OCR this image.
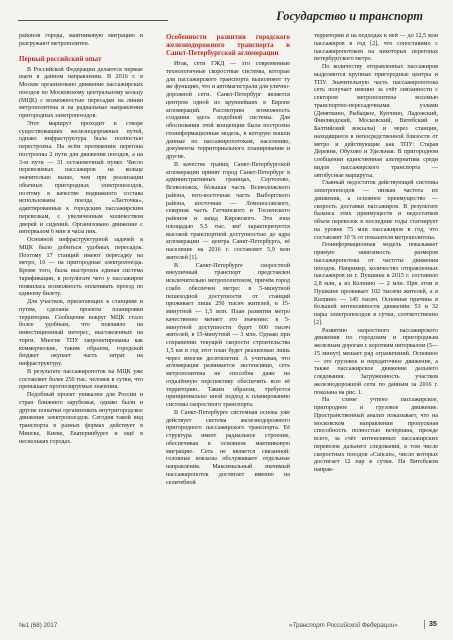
Государство и транспорт

районов города, маятниковую миграцию и разгружают метрополитен.

Первый российский опыт

В Российской Федерации делаются первые шаги в данном направлении. В 2016 г. в Москве организовано движение пассажирских поездов по Московскому центральному кольцу (МЦК) с возможностью пересадки на линии метрополитена и на радиальные направления пригородных электропоездов.

Этот маршрут проходит в створе существовавших железнодорожных путей, однако инфраструктура была полностью перестроена. На всём протяжении перегона построены 2 пути для движения поездов, а на 3-м пути — 31 остановочный пункт. Число перевозимых пассажиров на кольце значительно выше, чем при реализации обычных пригородных электропоездов, поэтому в качестве подвижного состава использованы поезда «Ласточка», адаптированные к городским пассажирским перевозкам, с увеличенным количеством дверей и сидений. Организовано движение с интервалом 6 мин в часы пик.

Основной инфраструктурной задачей в МЦК было добиться удобных пересадок. Поэтому 17 станций имеют пересадку на метро, 10 — на пригородные электропоезда. Кроме того, была выстроена единая система тарификации, в результате чего у пассажиров появилась возможность оплачивать проезд по единому билету.

Для участков, прилегающих к станциям и путям, сделаны проекты планировки территории. Сообщение вокруг МЦК стало более удобным, что повлияло на инвестиционный интерес, выставленных на торги. Многие ТПУ запроектированы как коммерческие, таким образом, городской бюджет окупает часть затрат на инфраструктуру.

В результате пассажиропоток на МЦК уже составляет более 250 тыс. человек в сутки, что превышает прогнозируемые значения.

Подобный проект уникален для России и стран ближнего зарубежья, однако были и другие попытки организовать внутригородское движение электропоездов. Сегодня такой вид транспорта в разных формах действует в Минске, Киеве, Екатеринбурге и ещё в нескольких городах.

Особенности развития городского железнодорожного транспорта в Санкт-Петербургской агломерации

Итак, сети ГЖД — это современные технологичные скоростные системы, которые для пассажирского транспорта выполняют ту же функцию, что и автомагистрали для улично-дорожной сети. Санкт-Петербург является центром одной из крупнейших в Европе агломераций. Рассмотрим возможность создания здесь подобной системы. Для обоснования этой концепции была построена геоинформационная модель, в которую вошли данные по пассажиропотокам, населению, документы территориального планирования и другие.

В качестве границ Санкт-Петербургской агломерации принят город Санкт-Петербург в административных границах, Сертолово, Всеволожск, бóльшая часть Всеволожского района, юго-восточная часть Выборгского района, восточная — Ломоносовского, северная часть Гатчинского и Тосненского районов и запад Кировского. Эта зона площадью 5,5 тыс. км² характеризуется высокой транспортной доступностью до ядра агломерации — центра Санкт-Петербурга, её население на 2016 г. составляет 5,9 млн жителей [1].

В Санкт-Петербурге скоростной внеуличный транспорт представлен исключительно метрополитеном, причём город слабо обеспечен метро: в 5-минутной пешеходной доступности от станций проживает лишь 250 тысяч жителей, в 15-минутной — 1,5 млн. План развития метро качественно меняет это значение: в 5-минутной доступности будет 600 тысяч жителей, в 15-минутной — 3 млн. Однако при сохранении текущей скорости строительства 1,5 км в год этот план будет реализован лишь через многие десятилетия. А учитывая, что агломерация развивается экстенсивно, сеть метрополитена не способна даже на отдалённую перспективу обеспечить всю её территорию. Таким образом, требуется принципиально иной подход к планированию системы скоростного транспорта.

В Санкт-Петербурге системная основа уже действует система железнодорожного пригородного пассажирского транспорта. Её структура имеет радиальное строение, обеспечивая в основном маятниковую миграцию. Сеть не является связанной: головные вокзалы обслуживают отдельные направления. Максимальный значимый пассажиропоток достигает именно на селитебной

территории и на подходах к ней — до 12,5 млн пассажиров в год [2], что сопоставимо с пассажиропотоком на некоторых перегонах петербургского метро.

По количеству отправленных пассажиров выделяются крупные пригородные центры и ТПУ. Значительную часть пассажиропотока сеть получает именно за счёт связанности с сектором метрополитена восемью транспортно-пересадочными узлами (Девяткино, Рыбацкое, Купчино, Ладожский, Финляндский, Московский, Витебский и Балтийский вокзалы) и через станции, находящиеся в непосредственной близости от метро и действующие как ТПУ: Старая Деревня, Обухово и Удельная. В пригородном сообщении единственная альтернатива среди видов пассажирского транспорта — автобусные маршруты.

Главный недостаток действующей системы электропоездов — низкая частота их движения, а основное преимущество — скорость доставки пассажиров. В результате баланса этих преимуществ и недостатков объем перевозок в последние годы стагнирует на уровне 75 млн пассажиров в год, что составляет 10 % от показателя метрополитена.

Геоинформационная модель показывает прямую зависимость размеров пассажиропотока от частоты движения поездов. Например, количество отправленных пассажиров из г. Пушкина в 2015 г. составило 2,8 млн, а из Колпино — 2 млн. При этом в Пушкине проживает 102 тысячи жителей, а в Колпино — 145 тысяч. Основная причина в большей интенсивности движения: 53 и 32 пары электропоездов в сутки, соответственно [2].

Развитию скоростного пассажирского движения по городским и пригородным железным дорогам с коротким интервалом (5—15 минут) мешает ряд ограничений. Основное — это грузовое и передаточное движение, а также пассажирское движение дальнего следования. Загруженность участков железнодорожной сети по данным за 2016 г. показана на рис. 1.

На схеме учтено пассажирское, пригородное и грузовое движение. Пространственный анализ показывает, что на московском направлении пропускная способность полностью исчерпана, прежде всего, за счёт интенсивных пассажирских перевозок дальнего следования, в том числе скоростных поездов «Сапсан», число которых достигает 12 пар в сутки. На Витебском направ-

№1 (68) 2017	«Транспорт Российской Федерации»	35
